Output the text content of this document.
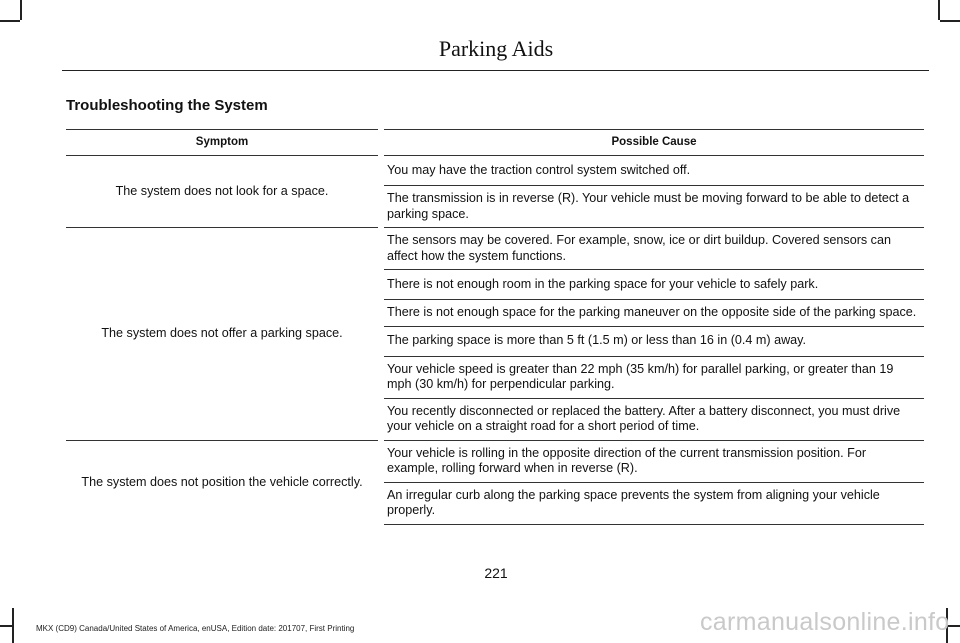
Parking Aids
Troubleshooting the System
Symptom	Possible Cause
The system does not look for a space.	You may have the traction control system switched off.
	The transmission is in reverse (R). Your vehicle must be moving forward to be able to detect a parking space.
The system does not offer a parking space.	The sensors may be covered. For example, snow, ice or dirt buildup. Covered sensors can affect how the system functions.
	There is not enough room in the parking space for your vehicle to safely park.
	There is not enough space for the parking maneuver on the opposite side of the parking space.
	The parking space is more than 5 ft (1.5 m) or less than 16 in (0.4 m) away.
	Your vehicle speed is greater than 22 mph (35 km/h) for parallel parking, or greater than 19 mph (30 km/h) for perpendicular parking.
	You recently disconnected or replaced the battery. After a battery disconnect, you must drive your vehicle on a straight road for a short period of time.
The system does not position the vehicle correctly.	Your vehicle is rolling in the opposite direction of the current transmission position. For example, rolling forward when in reverse (R).
	An irregular curb along the parking space prevents the system from aligning your vehicle properly.
221
MKX (CD9) Canada/United States of America, enUSA, Edition date: 201707, First Printing	carmanualsonline.info
